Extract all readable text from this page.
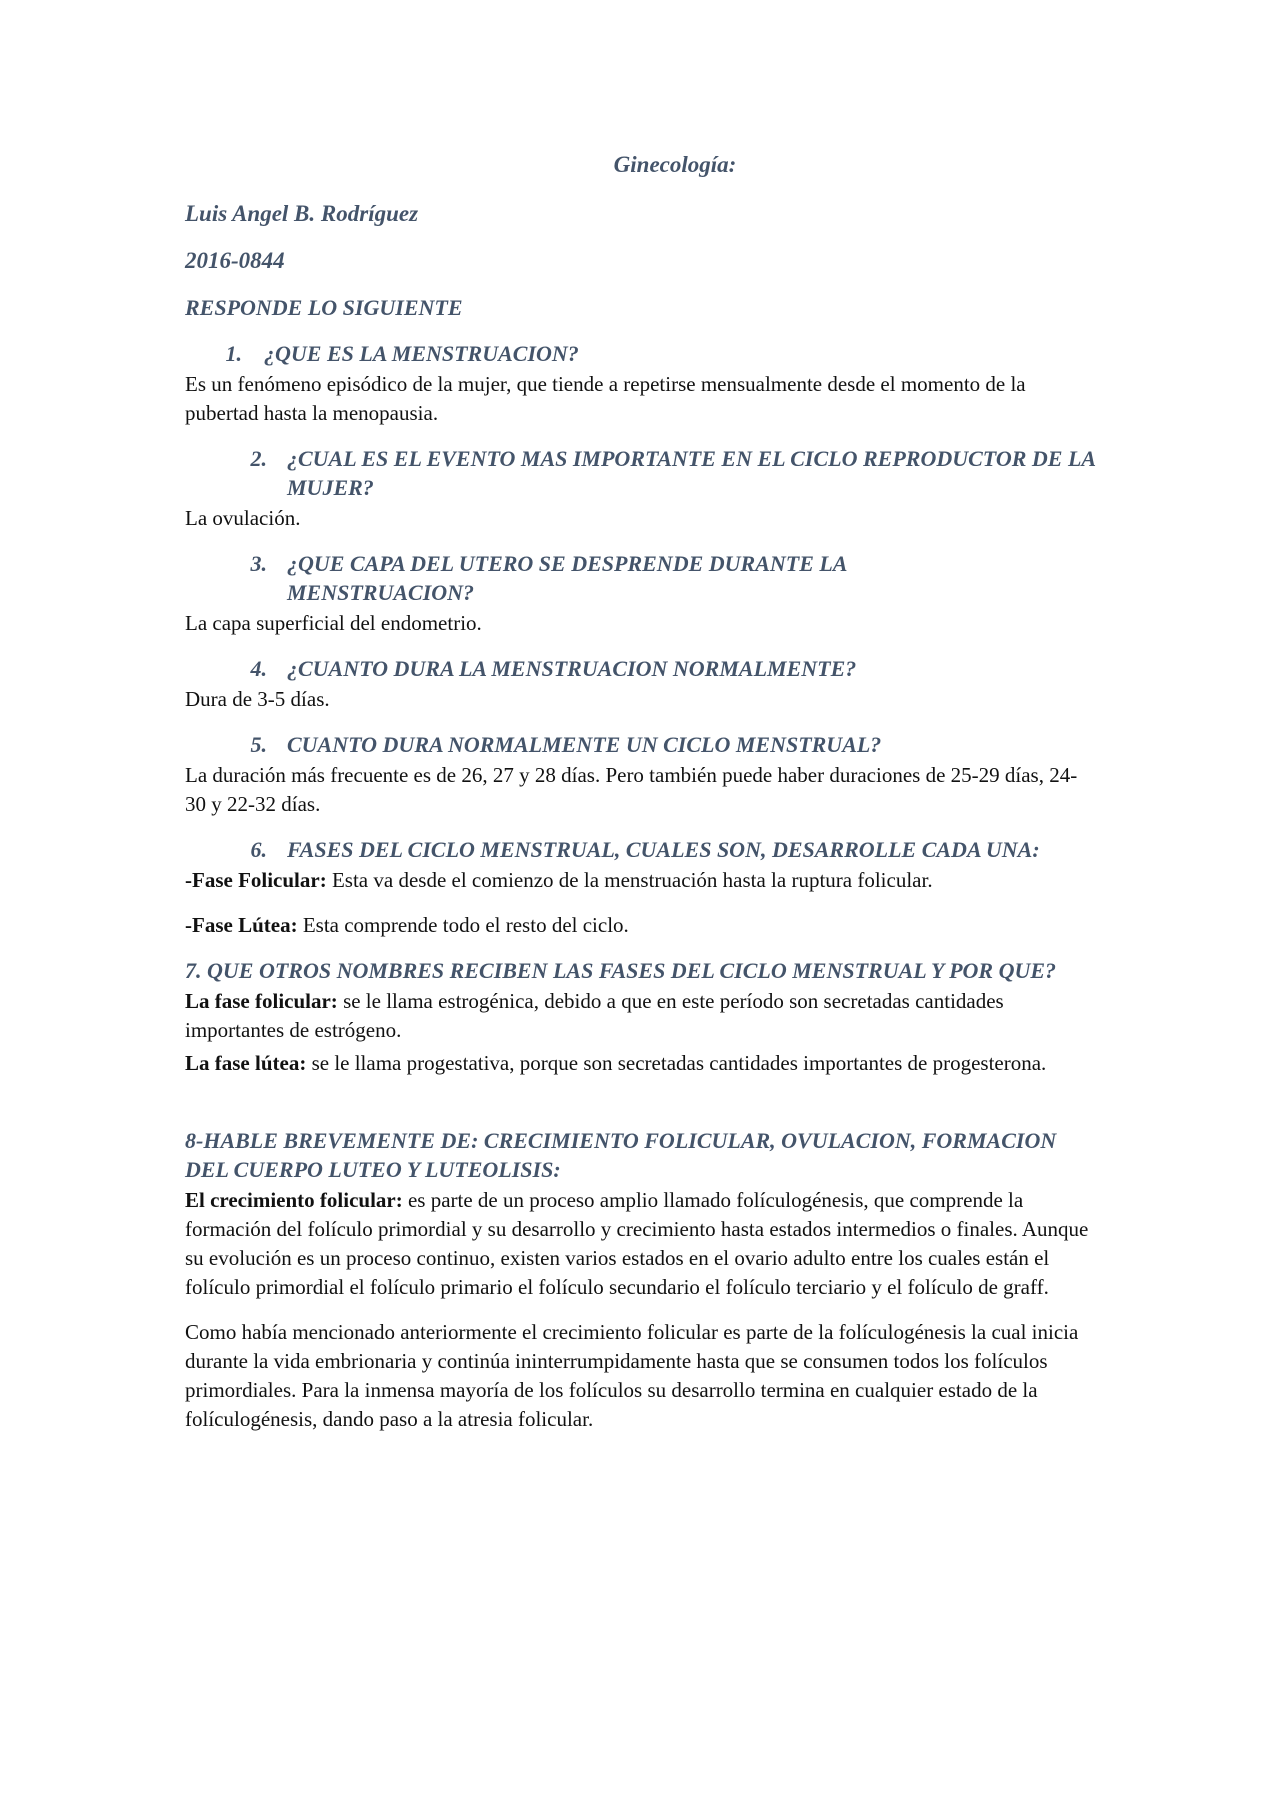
Ginecología:

Luis Angel B. Rodríguez

2016-0844

RESPONDE LO SIGUIENTE

1.	¿QUE ES LA MENSTRUACION?

Es un fenómeno episódico de la mujer, que tiende a repetirse mensualmente desde el momento de la pubertad hasta la menopausia.

2. ¿CUAL ES EL EVENTO MAS IMPORTANTE EN EL CICLO REPRODUCTOR DE LA MUJER?

La ovulación.

3. ¿QUE CAPA DEL UTERO SE DESPRENDE DURANTE LA MENSTRUACION?

La capa superficial del endometrio.

4. ¿CUANTO DURA LA MENSTRUACION NORMALMENTE?

Dura de 3-5 días.

5. CUANTO DURA NORMALMENTE UN CICLO MENSTRUAL?

La duración más frecuente es de 26, 27 y 28 días. Pero también puede haber duraciones de 25-29 días, 24-30 y 22-32 días.

6. FASES DEL CICLO MENSTRUAL, CUALES SON, DESARROLLE CADA UNA:

-Fase Folicular: Esta va desde el comienzo de la menstruación hasta la ruptura folicular.

-Fase Lútea: Esta comprende todo el resto del ciclo.

7. QUE OTROS NOMBRES RECIBEN LAS FASES DEL CICLO MENSTRUAL Y POR QUE?

La fase folicular: se le llama estrogénica, debido a que en este período son secretadas cantidades importantes de estrógeno.

La fase lútea: se le llama progestativa, porque son secretadas cantidades importantes de progesterona.

8-HABLE BREVEMENTE DE: CRECIMIENTO FOLICULAR, OVULACION, FORMACION DEL CUERPO LUTEO Y LUTEOLISIS:

El crecimiento folicular: es parte de un proceso amplio llamado folículogénesis, que comprende la formación del folículo primordial y su desarrollo y crecimiento hasta estados intermedios o finales. Aunque su evolución es un proceso continuo, existen varios estados en el ovario adulto entre los cuales están el folículo primordial el folículo primario el folículo secundario el folículo terciario y el folículo de graff.

Como había mencionado anteriormente el crecimiento folicular es parte de la folículogénesis la cual inicia durante la vida embrionaria y continúa ininterrumpidamente hasta que se consumen todos los folículos primordiales. Para la inmensa mayoría de los folículos su desarrollo termina en cualquier estado de la folículogénesis, dando paso a la atresia folicular.
